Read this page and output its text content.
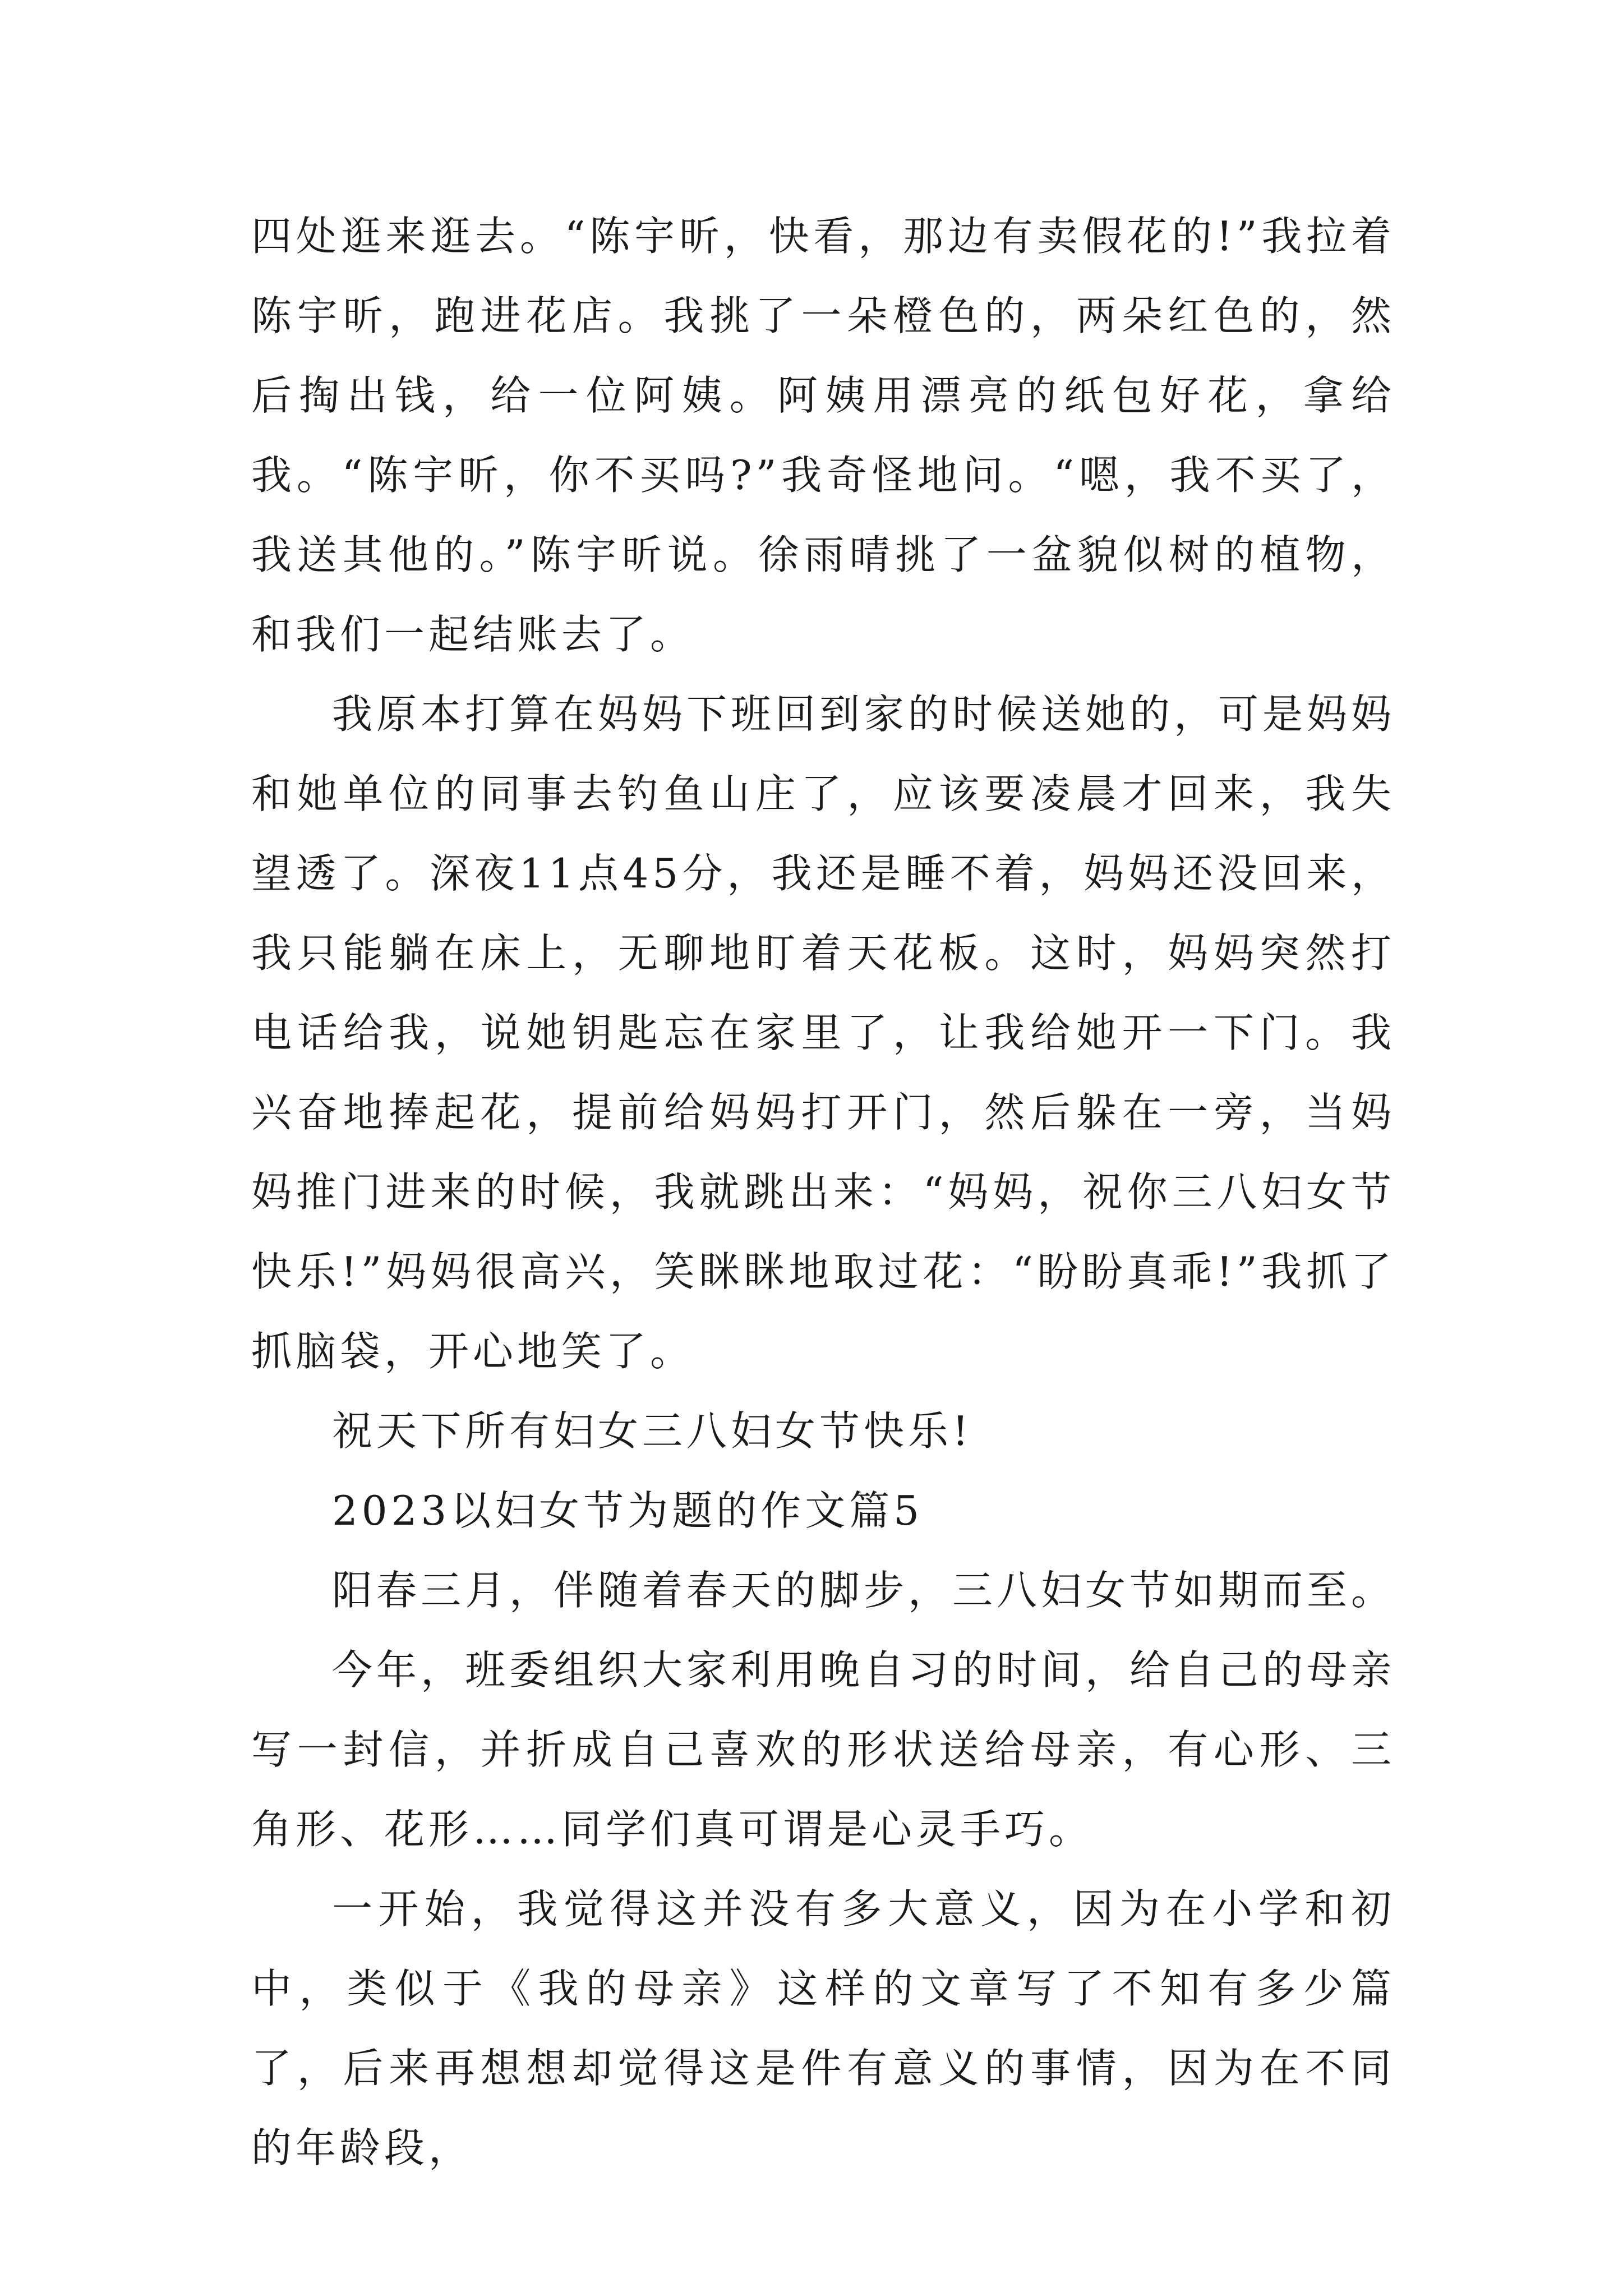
四处逛来逛去。“陈宇昕，快看，那边有卖假花的!”我拉着陈宇昕，跑进花店。我挑了一朵橙色的，两朵红色的，然后掏出钱，给一位阿姨。阿姨用漂亮的纸包好花，拿给我。“陈宇昕，你不买吗?”我奇怪地问。“嗯，我不买了，我送其他的。”陈宇昕说。徐雨晴挑了一盆貌似树的植物，和我们一起结账去了。

我原本打算在妈妈下班回到家的时候送她的，可是妈妈和她单位的同事去钓鱼山庄了，应该要凌晨才回来，我失望透了。深夜11点45分，我还是睡不着，妈妈还没回来，我只能躺在床上，无聊地盯着天花板。这时，妈妈突然打电话给我，说她钥匙忘在家里了，让我给她开一下门。我兴奋地捧起花，提前给妈妈打开门，然后躲在一旁，当妈妈推门进来的时候，我就跳出来：“妈妈，祝你三八妇女节快乐!”妈妈很高兴，笑眯眯地取过花：“盼盼真乖!”我抓了抓脑袋，开心地笑了。

祝天下所有妇女三八妇女节快乐!

2023以妇女节为题的作文篇5

阳春三月，伴随着春天的脚步，三八妇女节如期而至。

今年，班委组织大家利用晚自习的时间，给自己的母亲写一封信，并折成自己喜欢的形状送给母亲，有心形、三角形、花形……同学们真可谓是心灵手巧。

一开始，我觉得这并没有多大意义，因为在小学和初中，类似于《我的母亲》这样的文章写了不知有多少篇了，后来再想想却觉得这是件有意义的事情，因为在不同的年龄段，
